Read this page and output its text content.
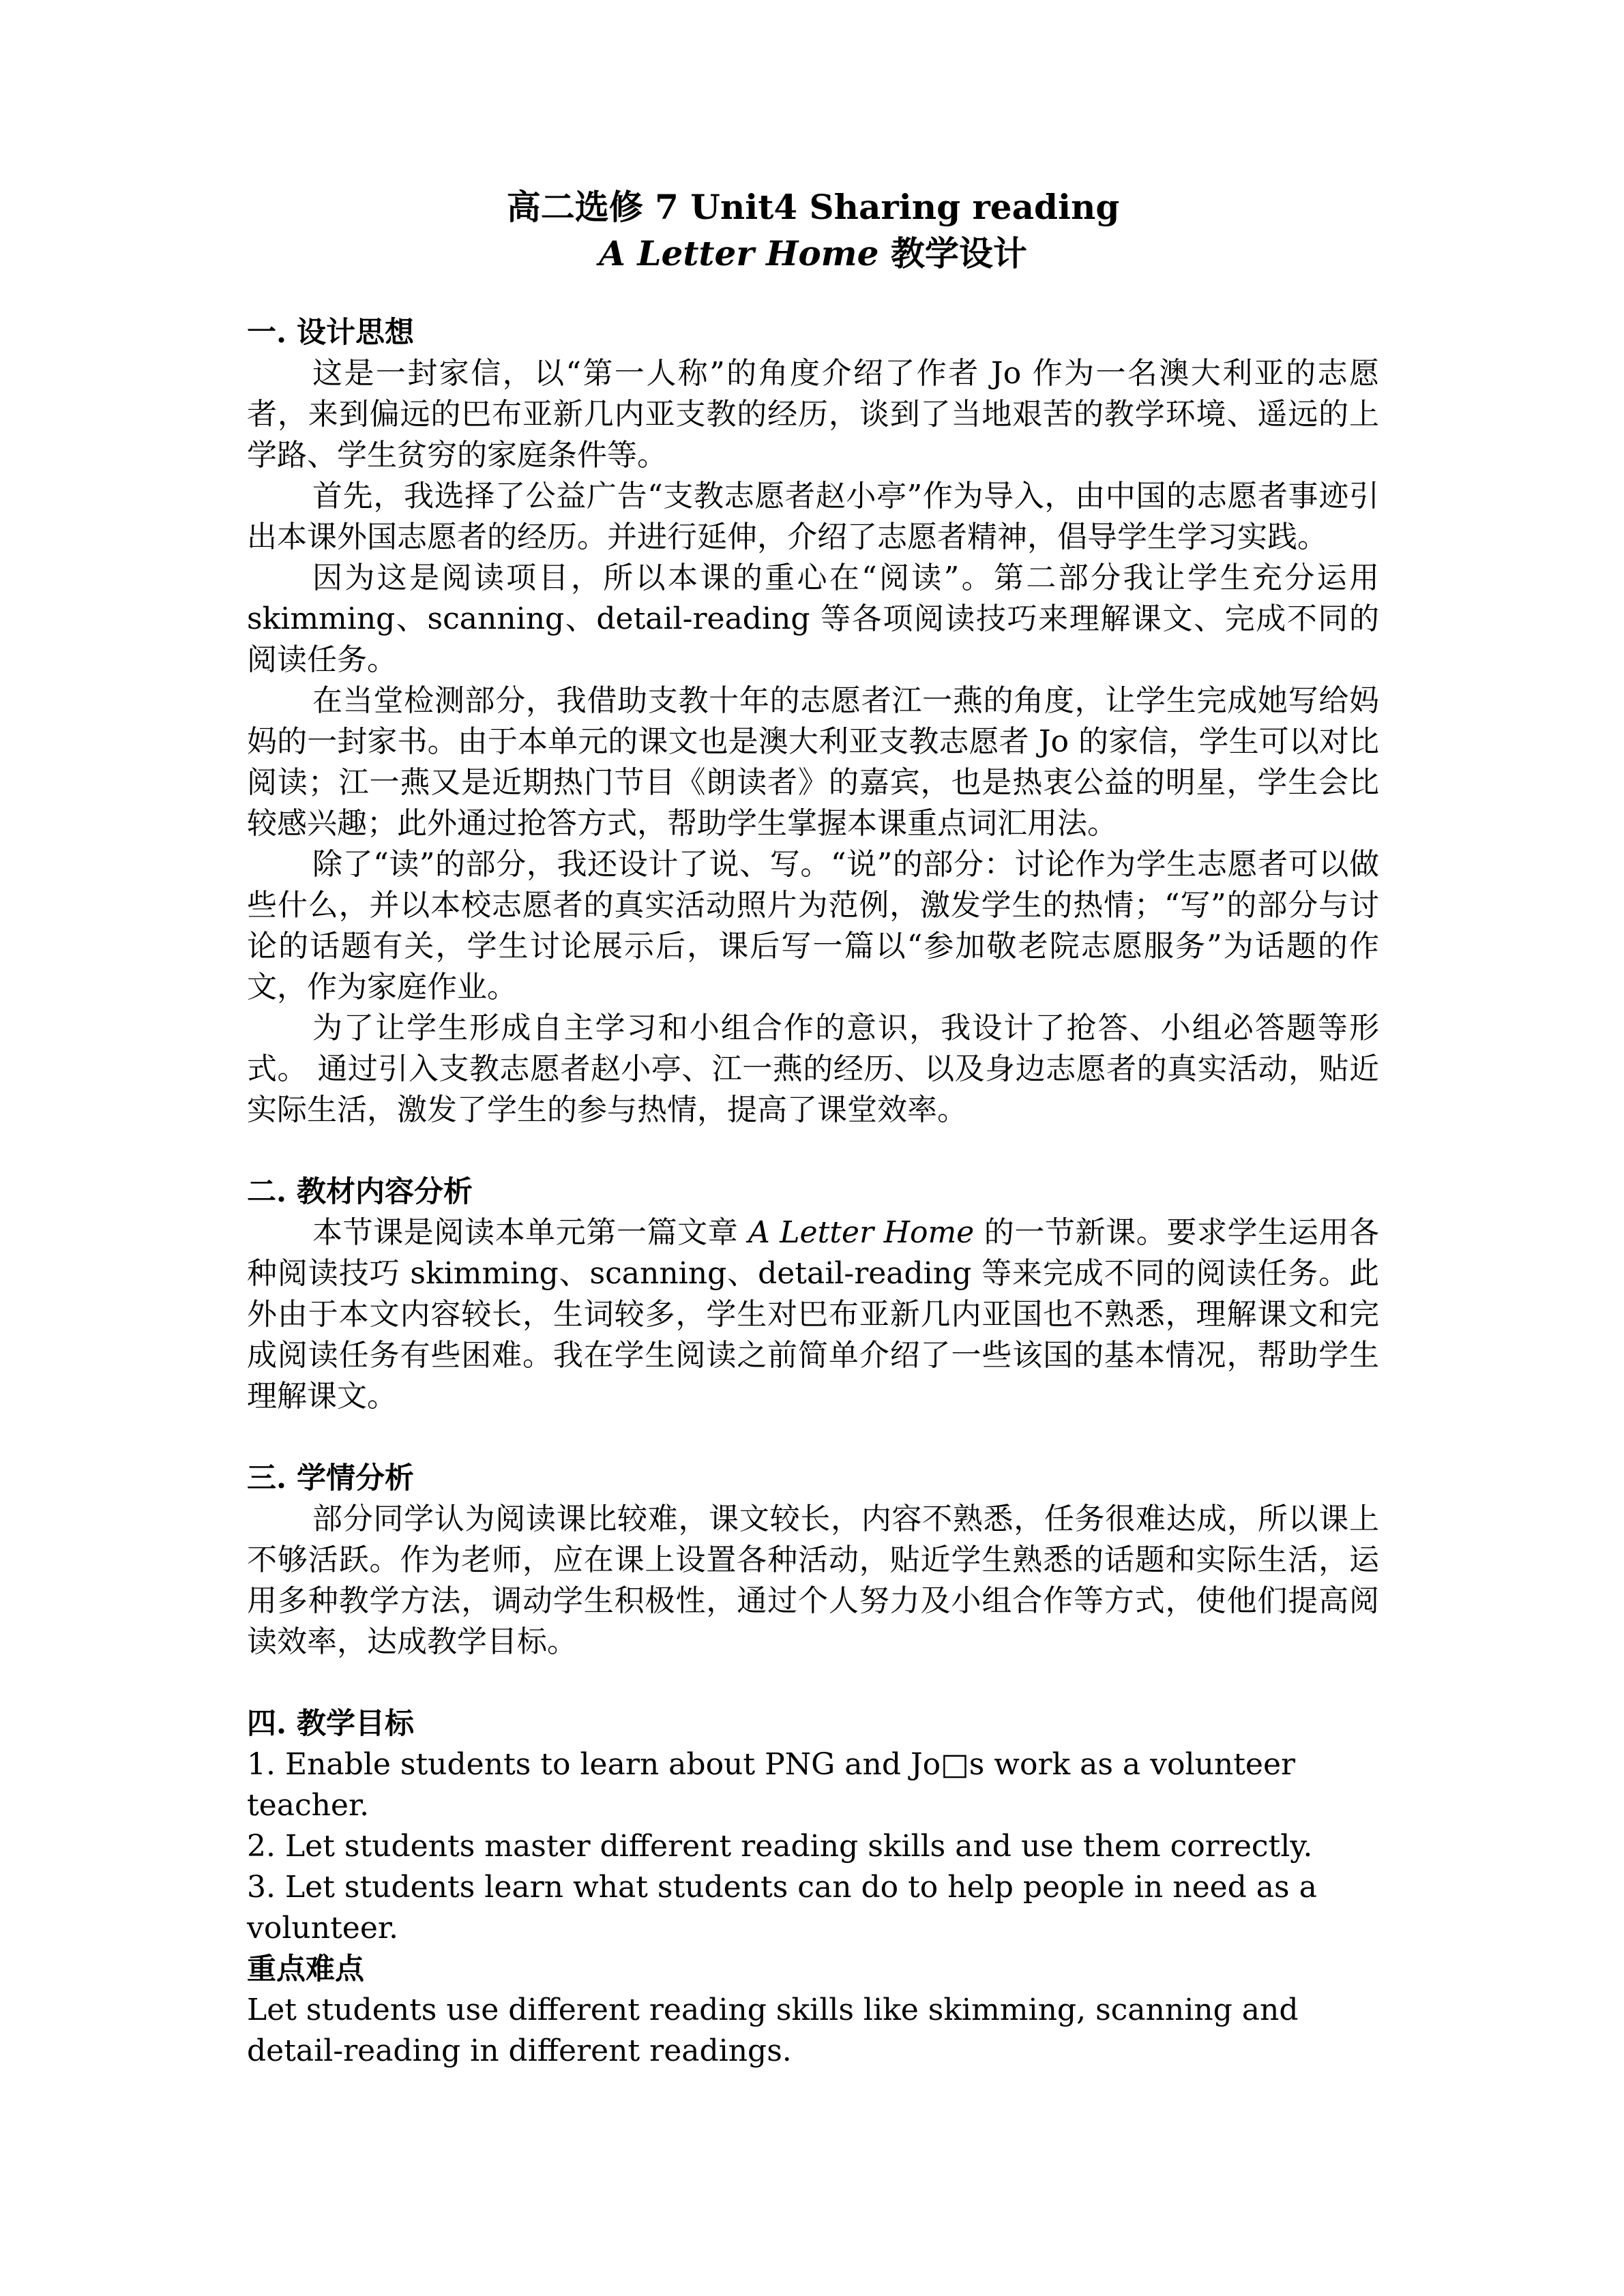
高二选修 7 Unit4 Sharing reading
A Letter Home 教学设计

一. 设计思想

这是一封家信，以“第一人称”的角度介绍了作者 Jo 作为一名澳大利亚的志愿者，来到偏远的巴布亚新几内亚支教的经历，谈到了当地艰苦的教学环境、遥远的上学路、学生贫穷的家庭条件等。

首先，我选择了公益广告“支教志愿者赵小亭”作为导入，由中国的志愿者事迹引出本课外国志愿者的经历。并进行延伸，介绍了志愿者精神，倡导学生学习实践。

因为这是阅读项目，所以本课的重心在“阅读”。第二部分我让学生充分运用 skimming、scanning、detail-reading 等各项阅读技巧来理解课文、完成不同的阅读任务。

在当堂检测部分，我借助支教十年的志愿者江一燕的角度，让学生完成她写给妈妈的一封家书。由于本单元的课文也是澳大利亚支教志愿者 Jo 的家信，学生可以对比阅读；江一燕又是近期热门节目《朗读者》的嘉宾，也是热衷公益的明星，学生会比较感兴趣；此外通过抢答方式，帮助学生掌握本课重点词汇用法。

除了“读”的部分，我还设计了说、写。“说”的部分：讨论作为学生志愿者可以做些什么，并以本校志愿者的真实活动照片为范例，激发学生的热情；“写”的部分与讨论的话题有关，学生讨论展示后，课后写一篇以“参加敬老院志愿服务”为话题的作文，作为家庭作业。

为了让学生形成自主学习和小组合作的意识，我设计了抢答、小组必答题等形式。 通过引入支教志愿者赵小亭、江一燕的经历、以及身边志愿者的真实活动，贴近实际生活，激发了学生的参与热情，提高了课堂效率。

二. 教材内容分析

本节课是阅读本单元第一篇文章 A Letter Home 的一节新课。要求学生运用各种阅读技巧 skimming、scanning、detail-reading 等来完成不同的阅读任务。此外由于本文内容较长，生词较多，学生对巴布亚新几内亚国也不熟悉，理解课文和完成阅读任务有些困难。我在学生阅读之前简单介绍了一些该国的基本情况，帮助学生理解课文。

三. 学情分析

部分同学认为阅读课比较难，课文较长，内容不熟悉，任务很难达成，所以课上不够活跃。作为老师，应在课上设置各种活动，贴近学生熟悉的话题和实际生活，运用多种教学方法，调动学生积极性，通过个人努力及小组合作等方式，使他们提高阅读效率，达成教学目标。

四. 教学目标

1. Enable students to learn about PNG and Jo□s work as a volunteer teacher.

2. Let students master different reading skills and use them correctly.

3. Let students learn what students can do to help people in need as a volunteer.

重点难点

Let students use different reading skills like skimming, scanning and detail-reading in different readings.
